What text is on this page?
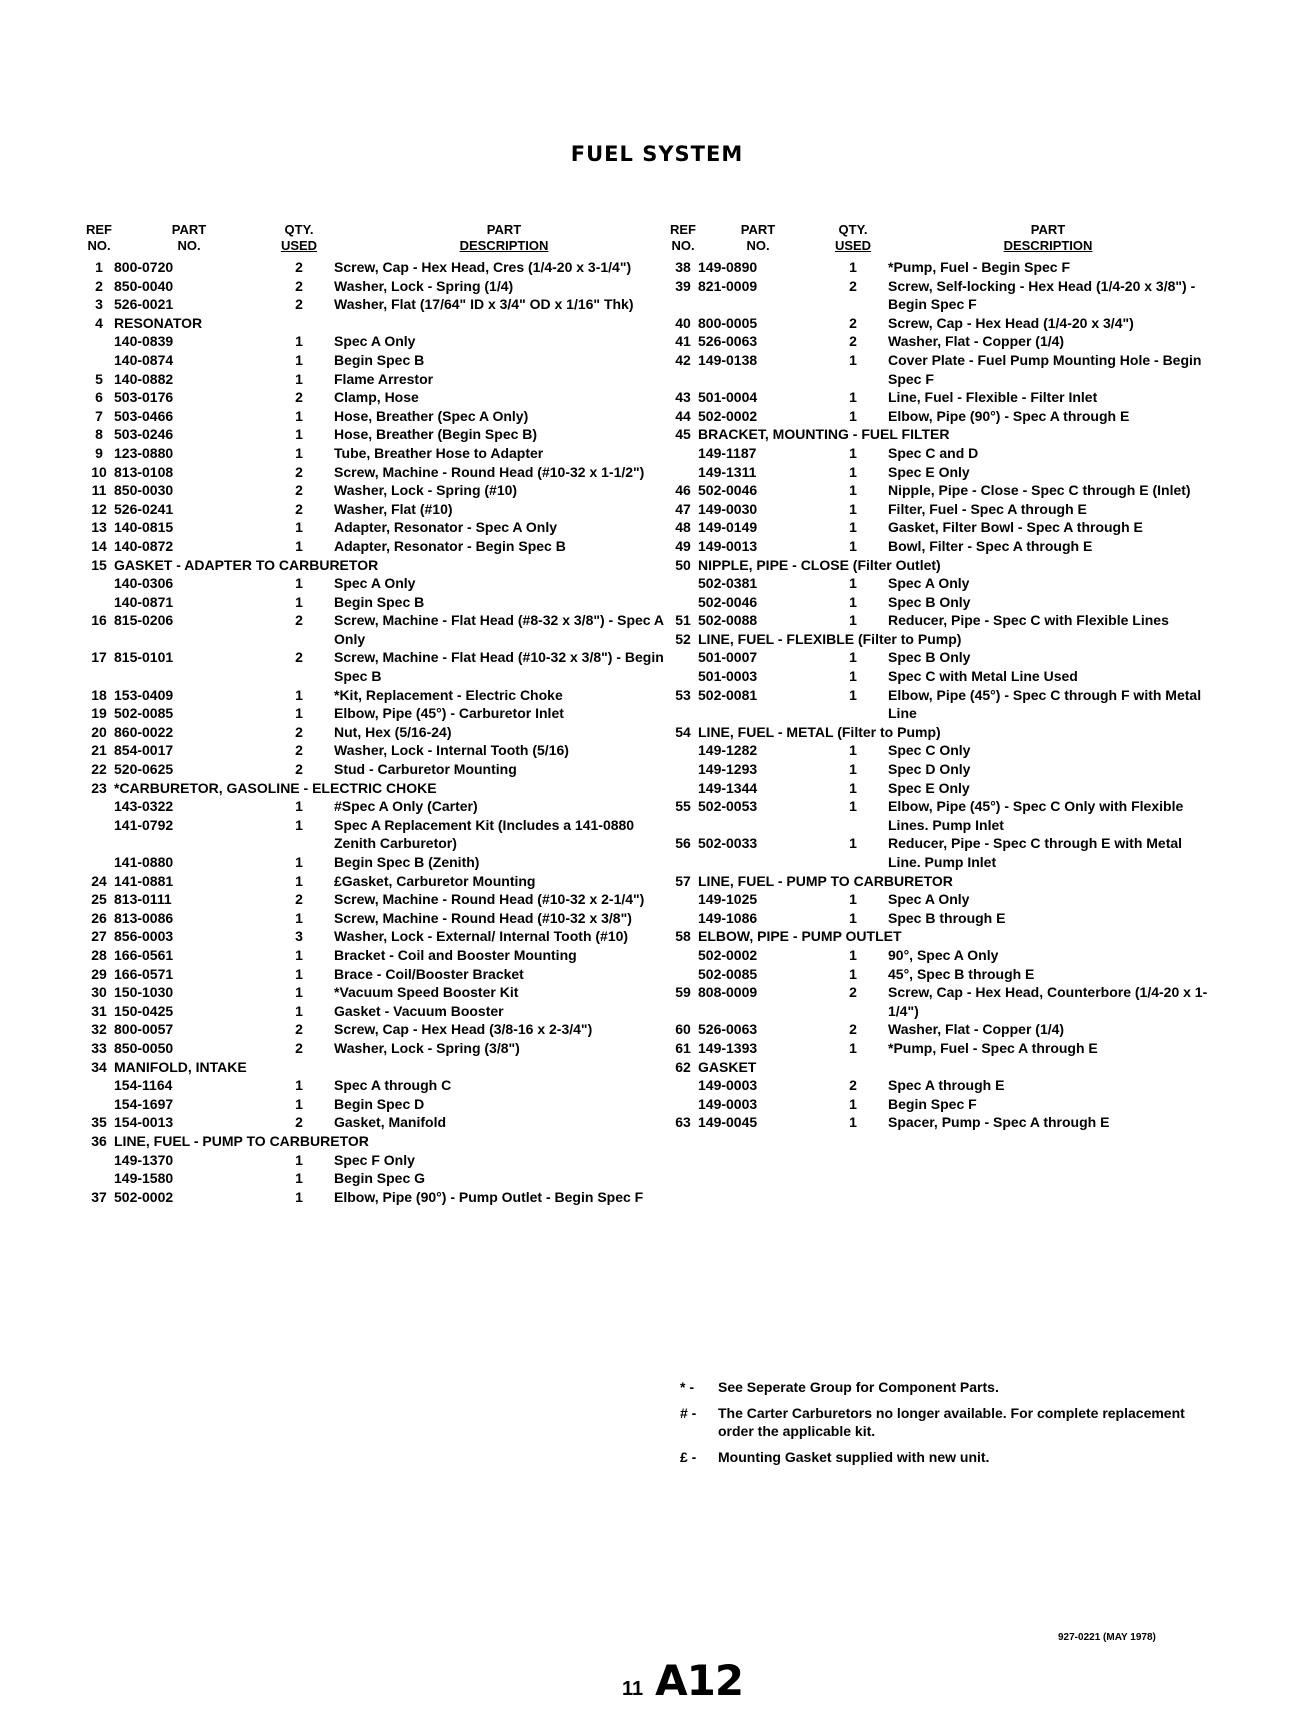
FUEL SYSTEM
REF
NO.	PART
NO.	QTY.
USED	PART
DESCRIPTION

1	800-0720	2	Screw, Cap - Hex Head, Cres (1/4-20 x 3-1/4")
2	850-0040	2	Washer, Lock - Spring (1/4)
3	526-0021	2	Washer, Flat (17/64" ID x 3/4" OD x 1/16" Thk)
4	RESONATOR		
	140-0839	1	Spec A Only
	140-0874	1	Begin Spec B
5	140-0882	1	Flame Arrestor
6	503-0176	2	Clamp, Hose
7	503-0466	1	Hose, Breather (Spec A Only)
8	503-0246	1	Hose, Breather (Begin Spec B)
9	123-0880	1	Tube, Breather Hose to Adapter
10	813-0108	2	Screw, Machine - Round Head (#10-32 x 1-1/2")
11	850-0030	2	Washer, Lock - Spring (#10)
12	526-0241	2	Washer, Flat (#10)
13	140-0815	1	Adapter, Resonator - Spec A Only
14	140-0872	1	Adapter, Resonator - Begin Spec B
15	GASKET - ADAPTER TO CARBURETOR		
	140-0306	1	Spec A Only
	140-0871	1	Begin Spec B
16	815-0206	2	Screw, Machine - Flat Head (#8-32 x 3/8") - Spec A Only
17	815-0101	2	Screw, Machine - Flat Head (#10-32 x 3/8") - Begin Spec B
18	153-0409	1	*Kit, Replacement - Electric Choke
19	502-0085	1	Elbow, Pipe (45°) - Carburetor Inlet
20	860-0022	2	Nut, Hex (5/16-24)
21	854-0017	2	Washer, Lock - Internal Tooth (5/16)
22	520-0625	2	Stud - Carburetor Mounting
23	*CARBURETOR, GASOLINE - ELECTRIC CHOKE		
	143-0322	1	#Spec A Only (Carter)
	141-0792	1	Spec A Replacement Kit (Includes a 141-0880 Zenith Carburetor)
	141-0880	1	Begin Spec B (Zenith)
24	141-0881	1	£Gasket, Carburetor Mounting
25	813-0111	2	Screw, Machine - Round Head (#10-32 x 2-1/4")
26	813-0086	1	Screw, Machine - Round Head (#10-32 x 3/8")
27	856-0003	3	Washer, Lock - External/ Internal Tooth (#10)
28	166-0561	1	Bracket - Coil and Booster Mounting
29	166-0571	1	Brace - Coil/Booster Bracket
30	150-1030	1	*Vacuum Speed Booster Kit
31	150-0425	1	Gasket - Vacuum Booster
32	800-0057	2	Screw, Cap - Hex Head (3/8-16 x 2-3/4")
33	850-0050	2	Washer, Lock - Spring (3/8")
34	MANIFOLD, INTAKE		
	154-1164	1	Spec A through C
	154-1697	1	Begin Spec D
35	154-0013	2	Gasket, Manifold
36	LINE, FUEL - PUMP TO CARBURETOR		
	149-1370	1	Spec F Only
	149-1580	1	Begin Spec G
37	502-0002	1	Elbow, Pipe (90°) - Pump Outlet - Begin Spec F
REF
NO.	PART
NO.	QTY.
USED	PART
DESCRIPTION

38	149-0890	1	*Pump, Fuel - Begin Spec F
39	821-0009	2	Screw, Self-locking - Hex Head (1/4-20 x 3/8") - Begin Spec F
40	800-0005	2	Screw, Cap - Hex Head (1/4-20 x 3/4")
41	526-0063	2	Washer, Flat - Copper (1/4)
42	149-0138	1	Cover Plate - Fuel Pump Mounting Hole - Begin Spec F
43	501-0004	1	Line, Fuel - Flexible - Filter Inlet
44	502-0002	1	Elbow, Pipe (90°) - Spec A through E
45	BRACKET, MOUNTING - FUEL FILTER		
	149-1187	1	Spec C and D
	149-1311	1	Spec E Only
46	502-0046	1	Nipple, Pipe - Close - Spec C through E (Inlet)
47	149-0030	1	Filter, Fuel - Spec A through E
48	149-0149	1	Gasket, Filter Bowl - Spec A through E
49	149-0013	1	Bowl, Filter - Spec A through E
50	NIPPLE, PIPE - CLOSE (Filter Outlet)		
	502-0381	1	Spec A Only
	502-0046	1	Spec B Only
51	502-0088	1	Reducer, Pipe - Spec C with Flexible Lines
52	LINE, FUEL - FLEXIBLE (Filter to Pump)		
	501-0007	1	Spec B Only
	501-0003	1	Spec C with Metal Line Used
53	502-0081	1	Elbow, Pipe (45°) - Spec C through F with Metal Line
54	LINE, FUEL - METAL (Filter to Pump)		
	149-1282	1	Spec C Only
	149-1293	1	Spec D Only
	149-1344	1	Spec E Only
55	502-0053	1	Elbow, Pipe (45°) - Spec C Only with Flexible Lines. Pump Inlet
56	502-0033	1	Reducer, Pipe - Spec C through E with Metal Line. Pump Inlet
57	LINE, FUEL - PUMP TO CARBURETOR		
	149-1025	1	Spec A Only
	149-1086	1	Spec B through E
58	ELBOW, PIPE - PUMP OUTLET		
	502-0002	1	90°, Spec A Only
	502-0085	1	45°, Spec B through E
59	808-0009	2	Screw, Cap - Hex Head, Counterbore (1/4-20 x 1-1/4")
60	526-0063	2	Washer, Flat - Copper (1/4)
61	149-1393	1	*Pump, Fuel - Spec A through E
62	GASKET		
	149-0003	2	Spec A through E
	149-0003	1	Begin Spec F
63	149-0045	1	Spacer, Pump - Spec A through E
* -	See Seperate Group for Component Parts.
# -	The Carter Carburetors no longer available. For complete replacement order the applicable kit.
£ -	Mounting Gasket supplied with new unit.
927-0221 (MAY 1978)
11 A12
